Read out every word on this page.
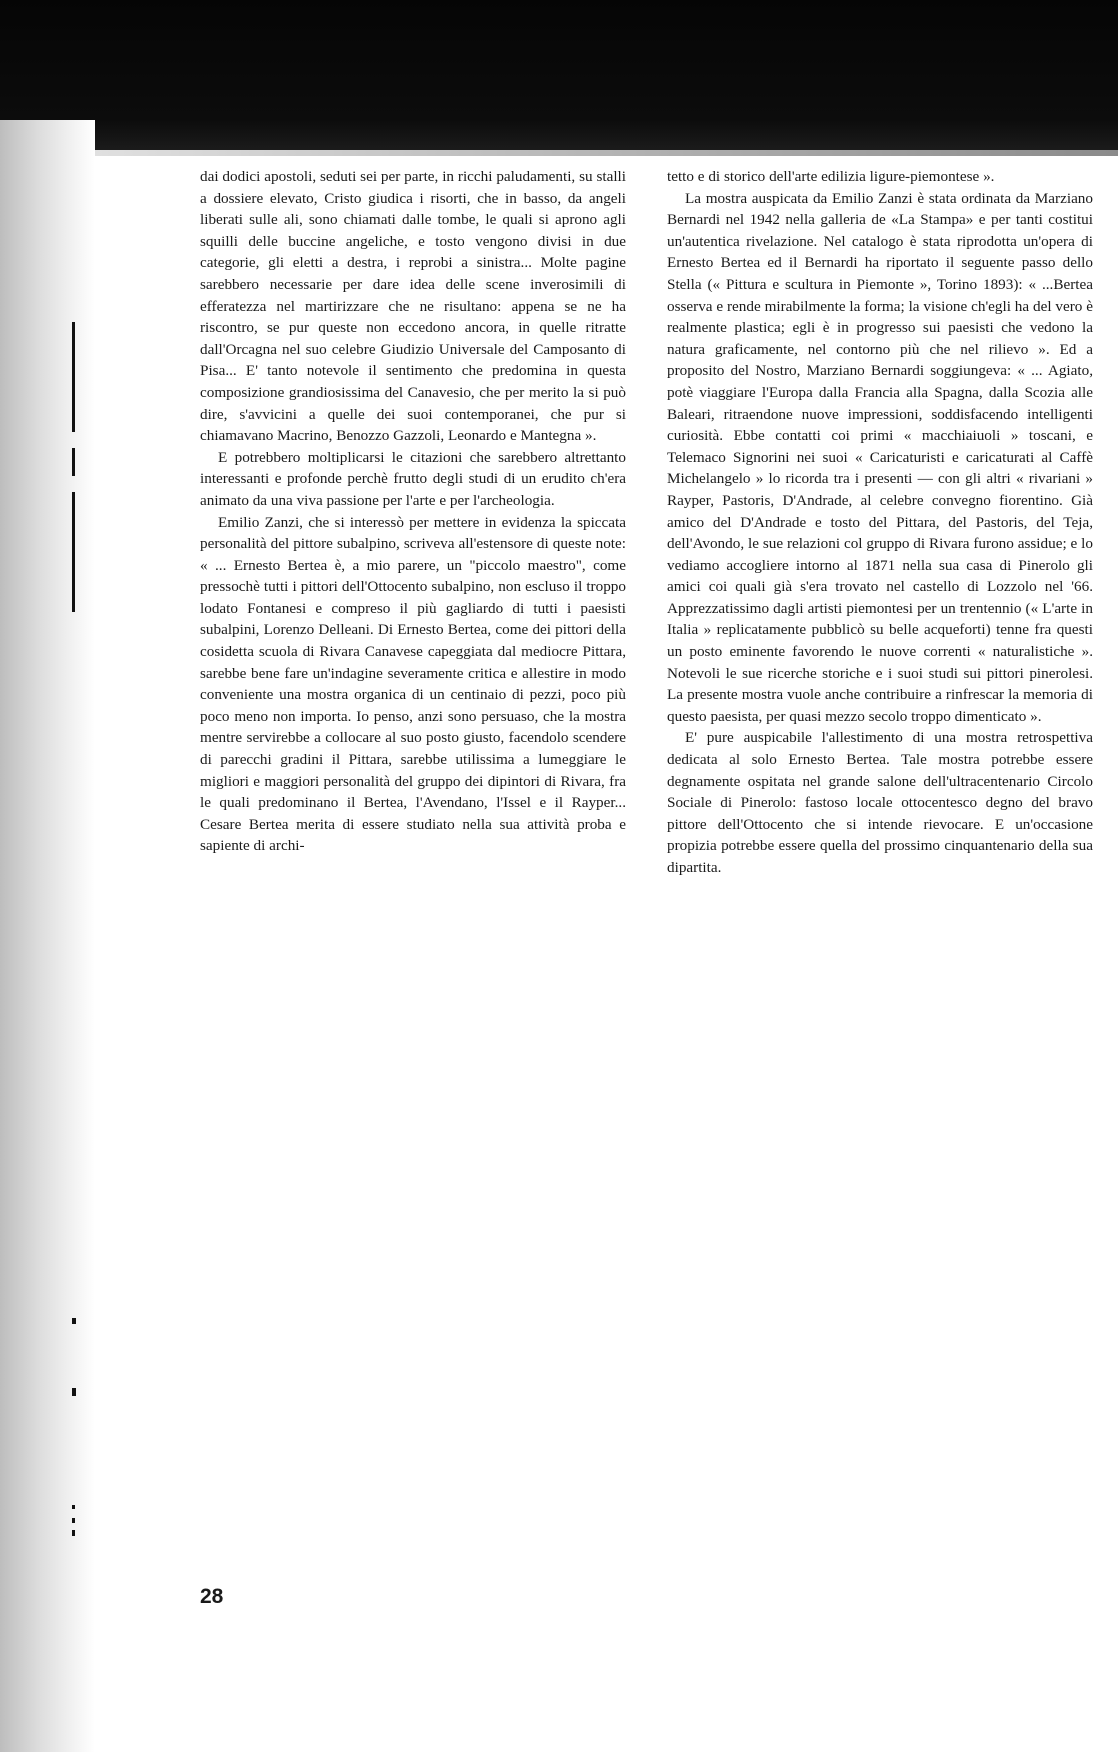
dai dodici apostoli, seduti sei per parte, in ricchi paludamenti, su stalli a dossiere elevato, Cristo giudica i risorti, che in basso, da angeli liberati sulle ali, sono chiamati dalle tombe, le quali si aprono agli squilli delle buccine angeliche, e tosto vengono divisi in due categorie, gli eletti a destra, i reprobi a sinistra... Molte pagine sarebbero necessarie per dare idea delle scene inverosimili di efferatezza nel martirizzare che ne risultano: appena se ne ha riscontro, se pur queste non eccedono ancora, in quelle ritratte dall'Orcagna nel suo celebre Giudizio Universale del Camposanto di Pisa... E' tanto notevole il sentimento che predomina in questa composizione grandiosissima del Canavesio, che per merito la si può dire, s'avvicini a quelle dei suoi contemporanei, che pur si chiamavano Macrino, Benozzo Gazzoli, Leonardo e Mantegna ».

E potrebbero moltiplicarsi le citazioni che sarebbero altrettanto interessanti e profonde perchè frutto degli studi di un erudito ch'era animato da una viva passione per l'arte e per l'archeologia.

Emilio Zanzi, che si interessò per mettere in evidenza la spiccata personalità del pittore subalpino, scriveva all'estensore di queste note: « ... Ernesto Bertea è, a mio parere, un "piccolo maestro", come pressochè tutti i pittori dell'Ottocento subalpino, non escluso il troppo lodato Fontanesi e compreso il più gagliardo di tutti i paesisti subalpini, Lorenzo Delleani. Di Ernesto Bertea, come dei pittori della cosidetta scuola di Rivara Canavese capeggiata dal mediocre Pittara, sarebbe bene fare un'indagine severamente critica e allestire in modo conveniente una mostra organica di un centinaio di pezzi, poco più poco meno non importa. Io penso, anzi sono persuaso, che la mostra mentre servirebbe a collocare al suo posto giusto, facendolo scendere di parecchi gradini il Pittara, sarebbe utilissima a lumeggiare le migliori e maggiori personalità del gruppo dei dipintori di Rivara, fra le quali predominano il Bertea, l'Avendano, l'Issel e il Rayper... Cesare Bertea merita di essere studiato nella sua attività proba e sapiente di archi-

tetto e di storico dell'arte edilizia ligure-piemontese ».

La mostra auspicata da Emilio Zanzi è stata ordinata da Marziano Bernardi nel 1942 nella galleria de «La Stampa» e per tanti costitui un'autentica rivelazione. Nel catalogo è stata riprodotta un'opera di Ernesto Bertea ed il Bernardi ha riportato il seguente passo dello Stella (« Pittura e scultura in Piemonte », Torino 1893): « ...Bertea osserva e rende mirabilmente la forma; la visione ch'egli ha del vero è realmente plastica; egli è in progresso sui paesisti che vedono la natura graficamente, nel contorno più che nel rilievo ». Ed a proposito del Nostro, Marziano Bernardi soggiungeva: « ... Agiato, potè viaggiare l'Europa dalla Francia alla Spagna, dalla Scozia alle Baleari, ritraendone nuove impressioni, soddisfacendo intelligenti curiosità. Ebbe contatti coi primi « macchiaiuoli » toscani, e Telemaco Signorini nei suoi « Caricaturisti e caricaturati al Caffè Michelangelo » lo ricorda tra i presenti — con gli altri « rivariani » Rayper, Pastoris, D'Andrade, al celebre convegno fiorentino. Già amico del D'Andrade e tosto del Pittara, del Pastoris, del Teja, dell'Avondo, le sue relazioni col gruppo di Rivara furono assidue; e lo vediamo accogliere intorno al 1871 nella sua casa di Pinerolo gli amici coi quali già s'era trovato nel castello di Lozzolo nel '66. Apprezzatissimo dagli artisti piemontesi per un trentennio (« L'arte in Italia » replicatamente pubblicò su belle acqueforti) tenne fra questi un posto eminente favorendo le nuove correnti « naturalistiche ». Notevoli le sue ricerche storiche e i suoi studi sui pittori pinerolesi. La presente mostra vuole anche contribuire a rinfrescar la memoria di questo paesista, per quasi mezzo secolo troppo dimenticato ».

E' pure auspicabile l'allestimento di una mostra retrospettiva dedicata al solo Ernesto Bertea. Tale mostra potrebbe essere degnamente ospitata nel grande salone dell'ultracentenario Circolo Sociale di Pinerolo: fastoso locale ottocentesco degno del bravo pittore dell'Ottocento che si intende rievocare. E un'occasione propizia potrebbe essere quella del prossimo cinquantenario della sua dipartita.

28
